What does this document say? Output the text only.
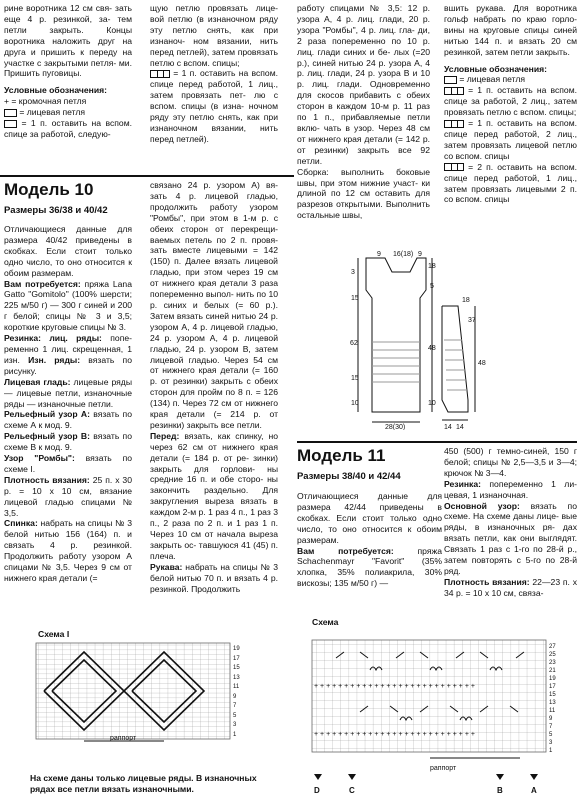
рине воротника 12 см свя- зать еще 4 р. резинкой, за- тем петли закрыть. Концы воротника наложить друг на друга и пришить к переду на участке с закрытыми петля- ми. Пришить пуговицы.

Условные обозначения:

+ = кромочная петля

= лицевая петля

= 1 п. оставить на вспом. спице за работой, следую-

щую петлю провязать лице- вой петлю (в изнаночном ряду эту петлю снять, как при изнаноч- ном вязании, нить перед петлей), затем провязать петлю с вспом. спицы;

= 1 п. оставить на вспом. спице перед работой, 1 лиц., затем провязать пет- лю с вспом. спицы (в изна- ночном ряду эту петлю снять, как при изнаночном вязании, нить перед петлей).

работу спицами № 3,5: 12 р. узора А, 4 р. лиц. глади, 20 р. узора "Ромбы", 4 р. лиц. гла- ди, 2 раза попеременно по 10 р. лиц. глади синих и бе- лых (=20 р.), синей нитью 24 р. узора А, 4 р. лиц. глади, 24 р. узора В и 10 р. лиц. глади. Одновременно для скосов прибавить с обеих сторон в каждом 10-м р. 11 раз по 1 п., прибавляемые петли вклю- чать в узор. Через 48 см от нижнего края детали (= 142 р. от резинки) закрыть все 92 петли.

Сборка: выполнить боковые швы, при этом нижние участ- ки длиной по 12 см оставить для разрезов открытыми. Выполнить остальные швы,

вшить рукава. Для воротника гольф набрать по краю горло- вины на круговые спицы синей нитью 144 п. и вязать 20 см резинкой, затем петли закрыть.

Условные обозначения:

= лицевая петля

= 1 п. оставить на вспом. спице за работой, 2 лиц., затем провязать петлю с вспом. спицы;

= 1 п. оставить на вспом. спице перед работой, 2 лиц., затем провязать лицевой петлю со вспом. спицы

= 2 п. оставить на вспом. спице перед работой, 1 лиц., затем провязать лицевыми 2 п. со вспом. спицы

Модель 10
Размеры 36/38 и 40/42

Отличающиеся данные для размера 40/42 приведены в скобках. Если стоит только одно число, то оно относится к обоим размерам.

Вам потребуется: пряжа Lana Gatto "Gomitolo" (100% шерсти; 225 м/50 г) — 300 г синей и 200 г белой; спицы № 3 и 3,5; короткие круговые спицы № 3.

Резинка: лиц. ряды: попе- ременно 1 лиц. скрещенная, 1 изн. Изн. ряды: вязать по рисунку.

Лицевая гладь: лицевые ряды — лицевые петли, изнаночные ряды — изнаночные петли.

Рельефный узор А: вязать по схеме А к мод. 9.

Рельефный узор В: вязать по схеме В к мод. 9.

Узор "Ромбы": вязать по схеме I.

Плотность вязания: 25 п. х 30 р. = 10 х 10 см, вязание лицевой гладью спицами № 3,5.

Спинка: набрать на спицы № 3 белой нитью 156 (164) п. и связать 4 р. резинкой. Продолжить работу узором А спицами № 3,5. Через 9 см от нижнего края детали (=

связано 24 р. узором А) вя- зать 4 р. лицевой гладью, продолжить работу узором "Ромбы", при этом в 1-м р. с обеих сторон от перекрещи- ваемых петель по 2 п. провя- зать вместе лицевыми = 142 (150) п. Далее вязать лицевой гладью, при этом через 19 см от нижнего края детали 3 раза попеременно выпол- нить по 10 р. синих и белых (= 60 р.). Затем вязать синей нитью 24 р. узором А, 4 р. лицевой гладью, 24 р. узором А, 4 р. лицевой гладью, 24 р. узором В, затем лицевой гладью. Через 54 см от нижнего края детали (= 160 р. от резинки) закрыть с обеих сторон для пройм по 8 п. = 126 (134) п. Через 72 см от нижнего края детали (= 214 р. от резинки) закрыть все петли.

Перед: вязать, как спинку, но через 62 см от нижнего края детали (= 184 р. от ре- зинки) закрыть для горлови- ны средние 16 п. и обе сторо- ны закончить раздельно. Для закругления выреза вязать в каждом 2-м р. 1 раз 4 п., 1 раз 3 п., 2 раза по 2 п. и 1 раз 1 п. Через 10 см от начала выреза закрыть ос- тавшуюся 41 (45) п. плеча.

Рукава: набрать на спицы № 3 белой нитью 70 п. и вязать 4 р. резинкой. Продолжить

9 16(18) 9
3
15
62
15
10
18
5
48
10
28(30)
18
37
48
14 14
Модель 11
Размеры 38/40 и 42/44

Отличающиеся данные для размера 42/44 приведены в скобках. Если стоит только одно число, то оно относится к обоим размерам.

Вам потребуется: пряжа Schachenmayr "Favorit" (35% хлопка, 35% полиакрила, 30% вискозы; 135 м/50 г) —

450 (500) г темно-синей, 150 г белой; спицы № 2,5—3,5 и 3—4; крючок № 3—4.

Резинка: попеременно 1 ли- цевая, 1 изнаночная.

Основной узор: вязать по схеме. На схеме даны лице- вые ряды, в изнаночных ря- дах вязать петли, как они выглядят. Связать 1 раз с 1-го по 28-й р., затем повторять с 5-го по 28-й ряд.

Плотность вязания: 22—23 п. х 34 р. = 10 х 10 см, связа-

Схема I
раппорт
19
17
15
13
11
9
7
5
3
1
На схеме даны только лицевые ряды. В изнаночных рядах все петли вязать изнаночными.
Схема
+ + + + + + + + + + + + + + + + + + + + + + + + + + +
+ + + + + + + + + + + + + + + + + + + + + + + + + + +
раппорт
27
25
23
21
19
17
15
13
11
9
7
5
3
1
D	C	B	A
